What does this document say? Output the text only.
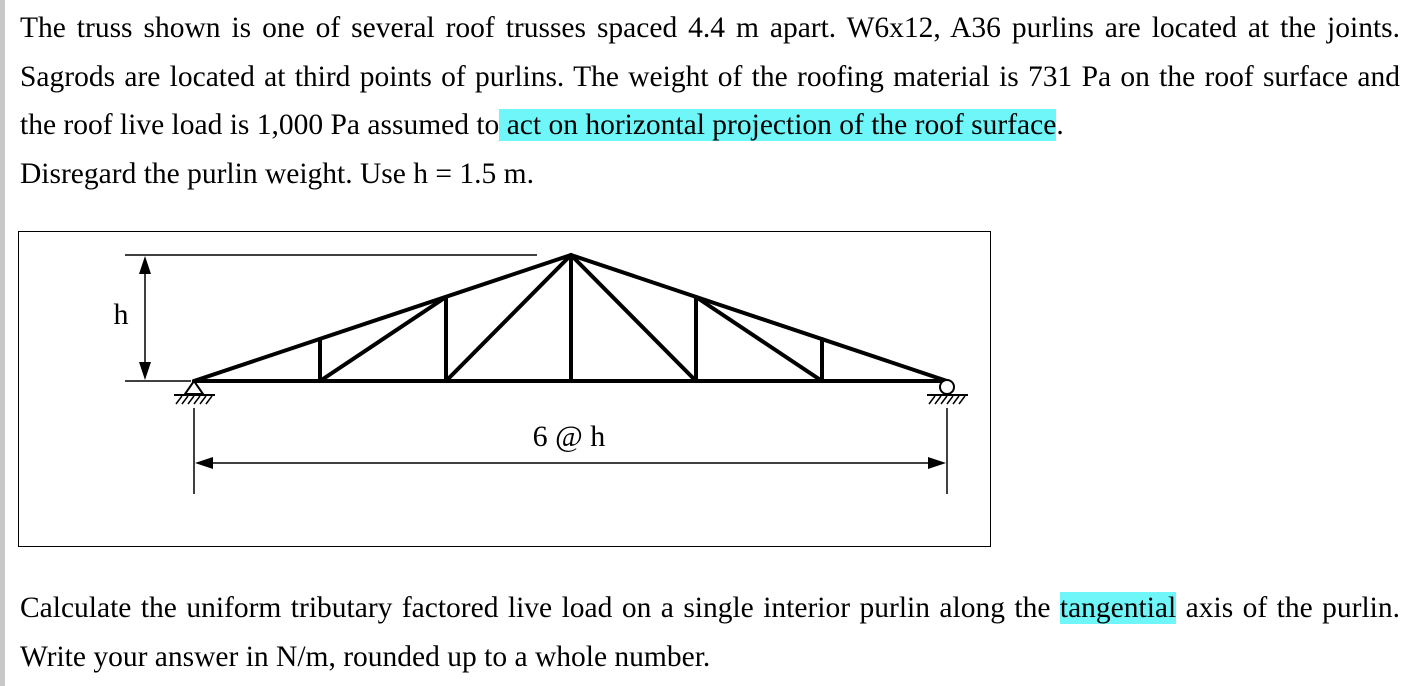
The truss shown is one of several roof trusses spaced 4.4 m apart. W6x12, A36 purlins are located at the joints. Sagrods are located at third points of purlins. The weight of the roofing material is 731 Pa on the roof surface and the roof live load is 1,000 Pa assumed to act on horizontal projection of the roof surface.
Disregard the purlin weight. Use h = 1.5 m.

h
6 @ h

Calculate the uniform tributary factored live load on a single interior purlin along the tangential axis of the purlin. Write your answer in N/m, rounded up to a whole number.
